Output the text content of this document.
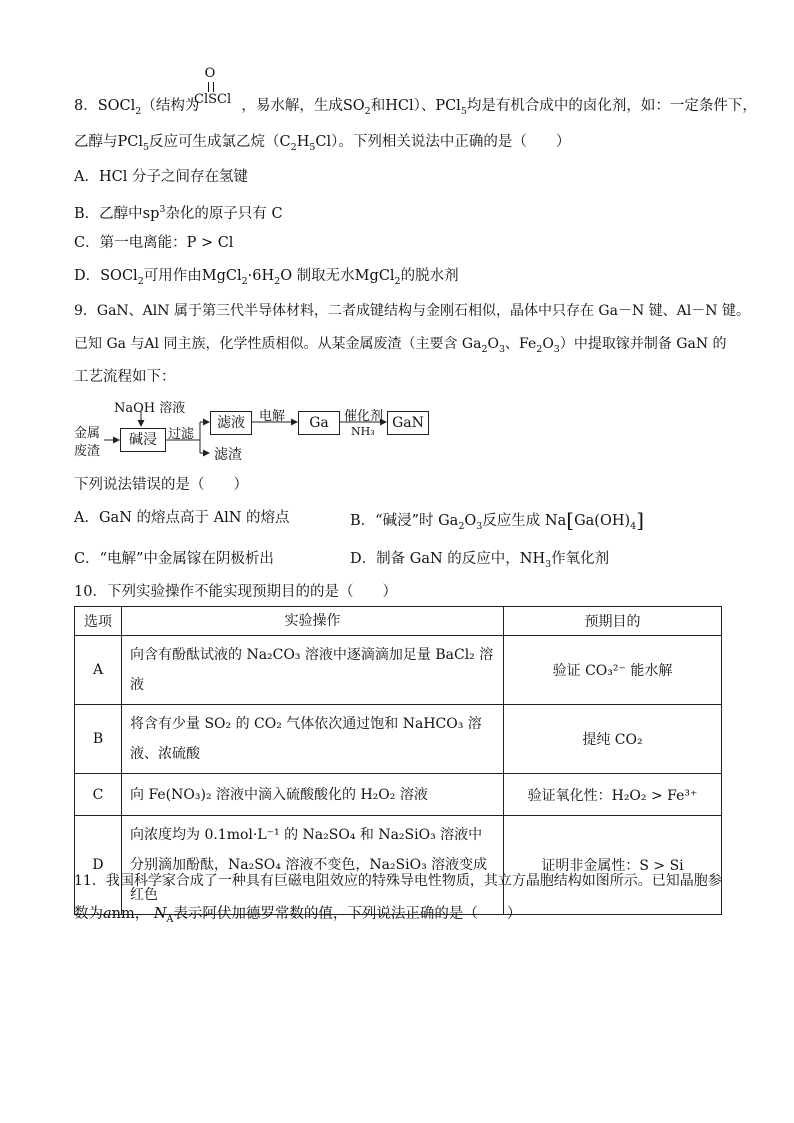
O
ClSCl
8．SOCl$_2$（结构为	，易水解，生成$SO_2$和HCl）、PCl$_5$均是有机合成中的卤化剂，如：一定条件下，
乙醇与PCl$_5$反应可生成氯乙烷$(C_2H_5Cl)$。下列相关说法中正确的是（　　）
A．HCl 分子之间存在氢键
B．乙醇中$sp^3$杂化的原子只有 C
C．第一电离能：P > Cl
D．SOCl$_2$可用作由$MgCl_2\cdot 6H_2O$ 制取无水MgCl$_2$的脱水剂
9．GaN、AlN 属于第三代半导体材料，二者成键结构与金刚石相似，晶体中只存在 Ga－N 键、Al－N 键。
已知 Ga 与Al 同主族，化学性质相似。从某金属废渣（主要含 $Ga_2O_3$、$Fe_2O_3$）中提取镓并制备 GaN 的
工艺流程如下：
金属
废渣
NaOH 溶液
碱浸 过滤
滤液
滤渣
电解	Ga	催化剂
NH₃
GaN
下列说法错误的是（　　）
A．GaN 的熔点高于 AlN 的熔点	B．“碱浸”时 $Ga_2O_3$反应生成 $Na[Ga(OH)_4]$
C．“电解”中金属镓在阴极析出	D．制备 GaN 的反应中，$NH_3$作氧化剂
10．下列实验操作不能实现预期目的的是（　　）
选项	实验操作	预期目的
A	向含有酚酞试液的 Na₂CO₃ 溶液中逐滴滴加足量 BaCl₂ 溶液	验证 CO₃²⁻ 能水解
B	将含有少量 SO₂ 的 CO₂ 气体依次通过饱和 NaHCO₃ 溶液、浓硫酸	提纯 CO₂
C	向 Fe(NO₃)₂ 溶液中滴入硫酸酸化的 H₂O₂ 溶液	验证氧化性：H₂O₂ > Fe³⁺
D	向浓度均为 0.1mol·L⁻¹ 的 Na₂SO₄ 和 Na₂SiO₃ 溶液中分别滴加酚酞，Na₂SO₄ 溶液不变色，Na₂SiO₃ 溶液变成红色	证明非金属性：S > Si
11．我国科学家合成了一种具有巨磁电阻效应的特殊导电性物质，其立方晶胞结构如图所示。已知晶胞参
数为anm， $N_A$表示阿伏加德罗常数的值，下列说法正确的是（　　）
